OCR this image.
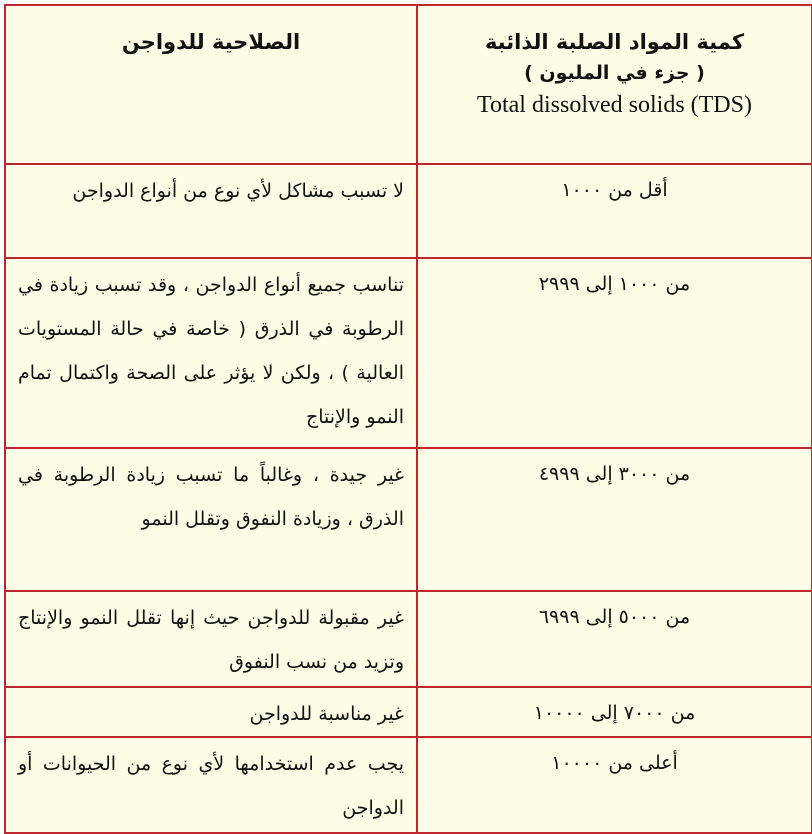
كمية المواد الصلبة الذائبة
( جزء في المليون )
Total dissolved solids (TDS)	الصلاحية للدواجن
أقل من ١٠٠٠	لا تسبب مشاكل لأي نوع من أنواع الدواجن
من ١٠٠٠ إلى ٢٩٩٩	تناسب جميع أنواع الدواجن ، وقد تسبب زيادة في الرطوبة في الذرق ( خاصة في حالة المستويات العالية ) ، ولكن لا يؤثر على الصحة واكتمال تمام النمو والإنتاج
من ٣٠٠٠ إلى ٤٩٩٩	غير جيدة ، وغالباً ما تسبب زيادة الرطوبة في الذرق ، وزيادة النفوق وتقلل النمو
من ٥٠٠٠ إلى ٦٩٩٩	غير مقبولة للدواجن حيث إنها تقلل النمو والإنتاج وتزيد من نسب النفوق
من ٧٠٠٠ إلى ١٠٠٠٠	غير مناسبة للدواجن
أعلى من ١٠٠٠٠	يجب عدم استخدامها لأي نوع من الحيوانات أو الدواجن
